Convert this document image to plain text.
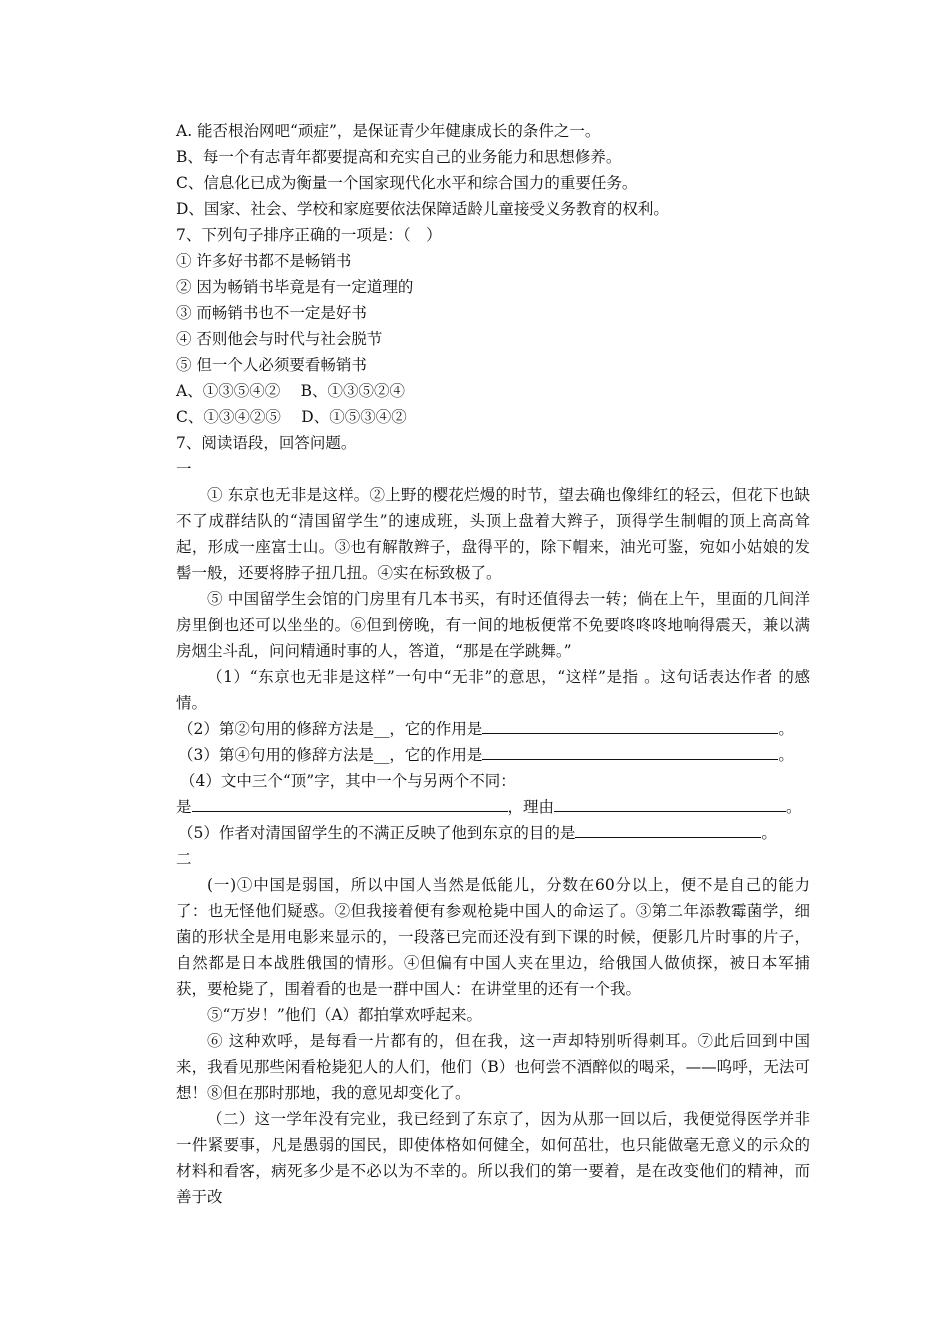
A. 能否根治网吧“顽症”，是保证青少年健康成长的条件之一。
B、每一个有志青年都要提高和充实自己的业务能力和思想修养。
C、信息化已成为衡量一个国家现代化水平和综合国力的重要任务。
D、国家、社会、学校和家庭要依法保障适龄儿童接受义务教育的权利。
7、下列句子排序正确的一项是：（　）
① 许多好书都不是畅销书
② 因为畅销书毕竟是有一定道理的
③ 而畅销书也不一定是好书
④ 否则他会与时代与社会脱节
⑤ 但一个人必须要看畅销书
A、①③⑤④②　 B、①③⑤②④
C、①③④②⑤　 D、①⑤③④②
7、阅读语段，回答问题。
一

① 东京也无非是这样。②上野的樱花烂熳的时节，望去确也像绯红的轻云，但花下也缺不了成群结队的“清国留学生”的速成班，头顶上盘着大辫子，顶得学生制帽的顶上高高耸起，形成一座富士山。③也有解散辫子，盘得平的，除下帽来，油光可鉴，宛如小姑娘的发髻一般，还要将脖子扭几扭。④实在标致极了。

⑤ 中国留学生会馆的门房里有几本书买，有时还值得去一转；倘在上午，里面的几间洋房里倒也还可以坐坐的。⑥但到傍晚，有一间的地板便常不免要咚咚咚地响得震天，兼以满房烟尘斗乱，问问精通时事的人，答道，“那是在学跳舞。”

（1）“东京也无非是这样”一句中“无非”的意思，“这样”是指 。这句话表达作者 的感情。

（2）第②句用的修辞方法是__，它的作用是	。
（3）第④句用的修辞方法是__，它的作用是	。
（4）文中三个“顶”字，其中一个与另两个不同：
是	，理由	。
（5）作者对清国留学生的不满正反映了他到东京的目的是	。
二

(一)①中国是弱国，所以中国人当然是低能儿，分数在60分以上，便不是自己的能力了：也无怪他们疑惑。②但我接着便有参观枪毙中国人的命运了。③第二年添教霉菌学，细菌的形状全是用电影来显示的，一段落已完而还没有到下课的时候，便影几片时事的片子，自然都是日本战胜俄国的情形。④但偏有中国人夹在里边，给俄国人做侦探，被日本军捕获，要枪毙了，围着看的也是一群中国人：在讲堂里的还有一个我。

⑤“万岁！”他们（A）都拍掌欢呼起来。

⑥ 这种欢呼，是每看一片都有的，但在我，这一声却特别听得刺耳。⑦此后回到中国来，我看见那些闲看枪毙犯人的人们，他们（B）也何尝不酒醉似的喝采，——呜呼，无法可想！⑧但在那时那地，我的意见却变化了。

（二）这一学年没有完业，我已经到了东京了，因为从那一回以后，我便觉得医学并非一件紧要事，凡是愚弱的国民，即使体格如何健全，如何茁壮，也只能做毫无意义的示众的材料和看客，病死多少是不必以为不幸的。所以我们的第一要着，是在改变他们的精神，而善于改
